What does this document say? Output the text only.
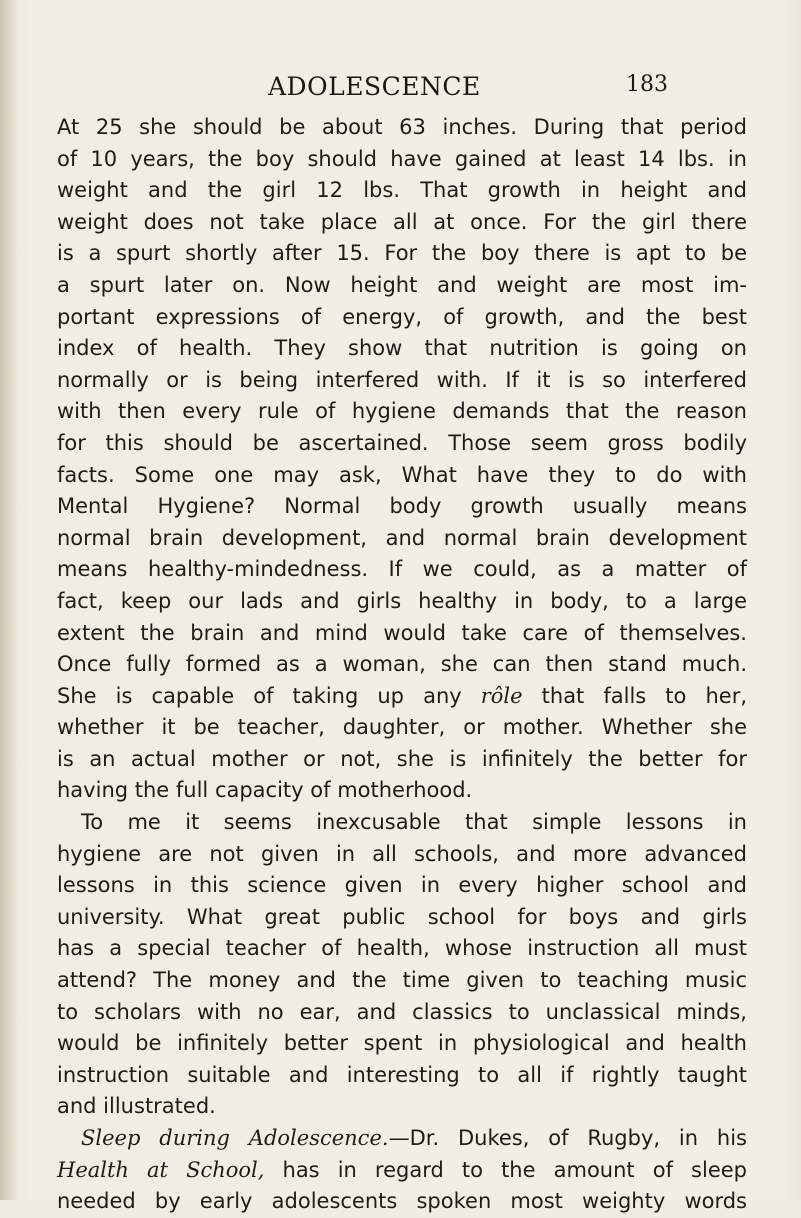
ADOLESCENCE	183
At 25 she should be about 63 inches. During that period
of 10 years, the boy should have gained at least 14 lbs. in
weight and the girl 12 lbs. That growth in height and
weight does not take place all at once. For the girl there
is a spurt shortly after 15. For the boy there is apt to be
a spurt later on. Now height and weight are most im-
portant expressions of energy, of growth, and the best
index of health. They show that nutrition is going on
normally or is being interfered with. If it is so interfered
with then every rule of hygiene demands that the reason
for this should be ascertained. Those seem gross bodily
facts. Some one may ask, What have they to do with
Mental Hygiene? Normal body growth usually means
normal brain development, and normal brain development
means healthy-mindedness. If we could, as a matter of
fact, keep our lads and girls healthy in body, to a large
extent the brain and mind would take care of themselves.
Once fully formed as a woman, she can then stand much.
She is capable of taking up any rôle that falls to her,
whether it be teacher, daughter, or mother. Whether she
is an actual mother or not, she is infinitely the better for
having the full capacity of motherhood.
To me it seems inexcusable that simple lessons in
hygiene are not given in all schools, and more advanced
lessons in this science given in every higher school and
university. What great public school for boys and girls
has a special teacher of health, whose instruction all must
attend? The money and the time given to teaching music
to scholars with no ear, and classics to unclassical minds,
would be infinitely better spent in physiological and health
instruction suitable and interesting to all if rightly taught
and illustrated.
Sleep during Adolescence.—Dr. Dukes, of Rugby, in his
Health at School, has in regard to the amount of sleep
needed by early adolescents spoken most weighty words
